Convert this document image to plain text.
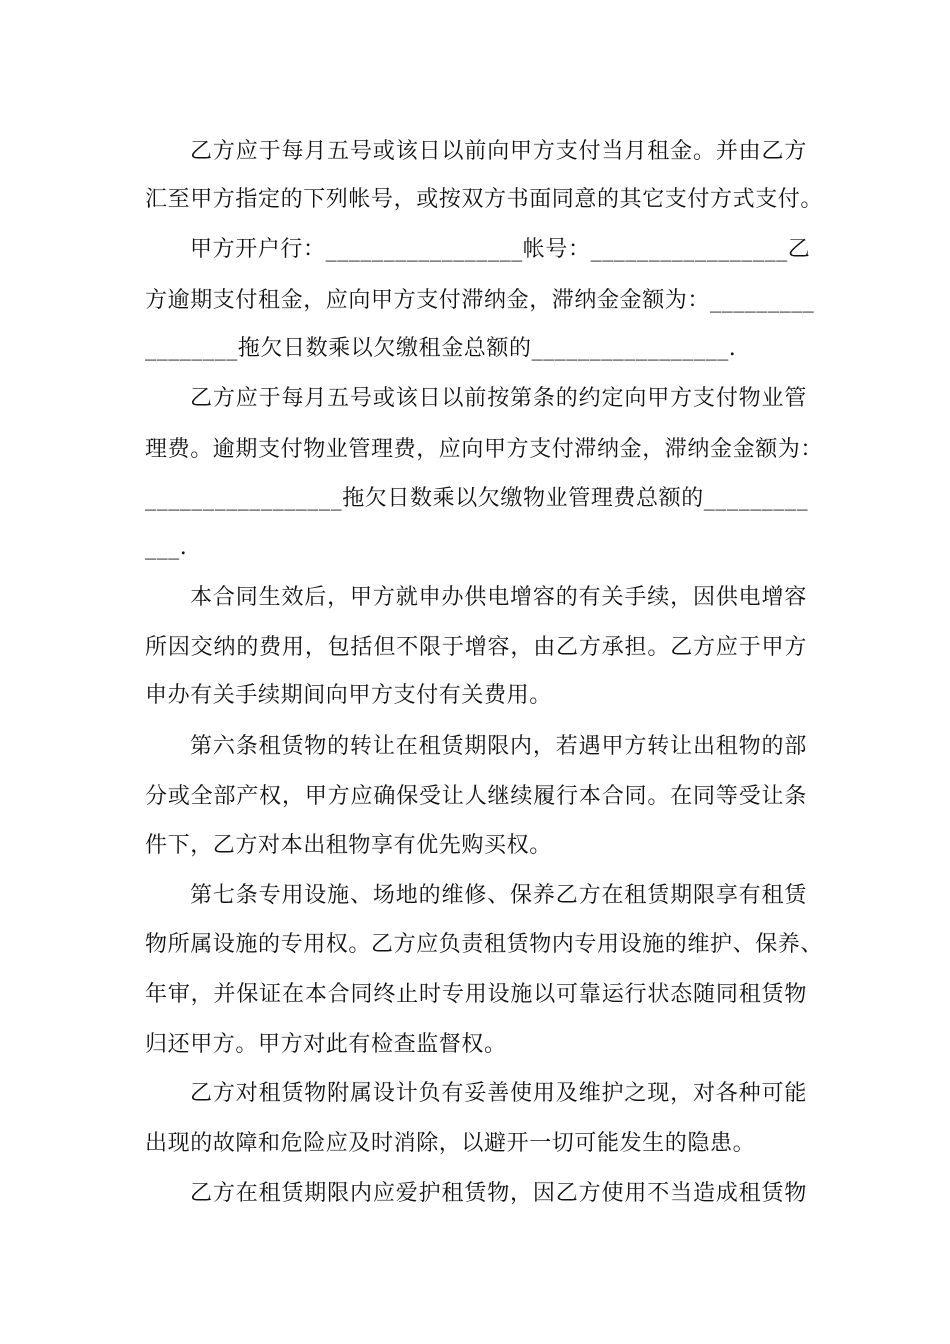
乙方应于每月五号或该日以前向甲方支付当月租金。并由乙方
汇至甲方指定的下列帐号，或按双方书面同意的其它支付方式支付。
甲方开户行：_________________帐号：_________________乙
方逾期支付租金，应向甲方支付滞纳金，滞纳金金额为：_________
________拖欠日数乘以欠缴租金总额的_________________.
乙方应于每月五号或该日以前按第条的约定向甲方支付物业管
理费。逾期支付物业管理费，应向甲方支付滞纳金，滞纳金金额为：
_________________拖欠日数乘以欠缴物业管理费总额的_________
___.
本合同生效后，甲方就申办供电增容的有关手续，因供电增容
所因交纳的费用，包括但不限于增容，由乙方承担。乙方应于甲方
申办有关手续期间向甲方支付有关费用。
第六条租赁物的转让在租赁期限内，若遇甲方转让出租物的部
分或全部产权，甲方应确保受让人继续履行本合同。在同等受让条
件下，乙方对本出租物享有优先购买权。
第七条专用设施、场地的维修、保养乙方在租赁期限享有租赁
物所属设施的专用权。乙方应负责租赁物内专用设施的维护、保养、
年审，并保证在本合同终止时专用设施以可靠运行状态随同租赁物
归还甲方。甲方对此有检查监督权。
乙方对租赁物附属设计负有妥善使用及维护之现，对各种可能
出现的故障和危险应及时消除，以避开一切可能发生的隐患。
乙方在租赁期限内应爱护租赁物，因乙方使用不当造成租赁物
